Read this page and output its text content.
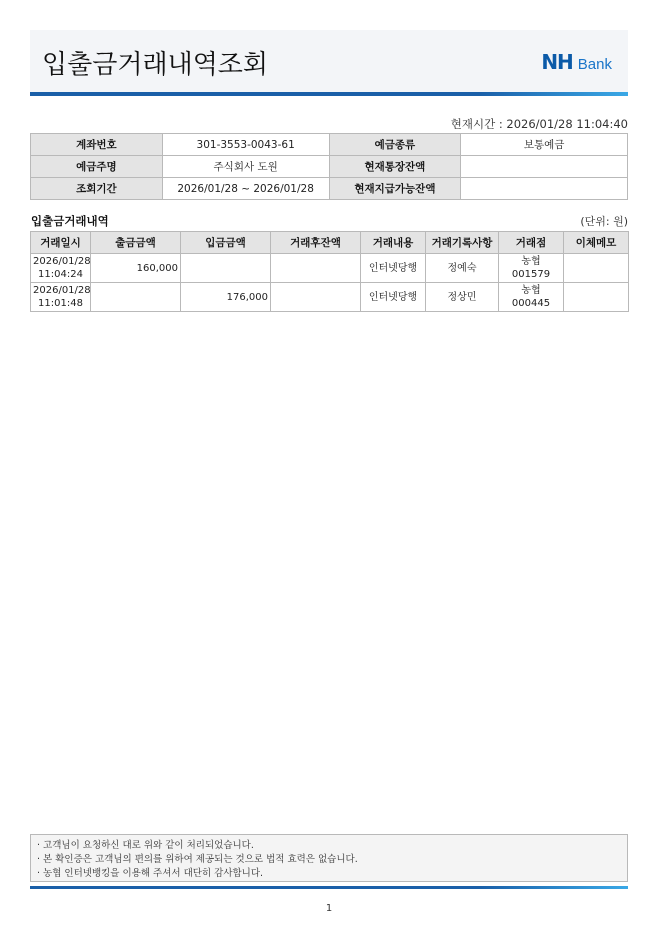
입출금거래내역조회	NH Bank
현재시간 : 2026/01/28 11:04:40
계좌번호	301-3553-0043-61	예금종류	보통예금
예금주명	주식회사 도원	현재통장잔액	
조회기간	2026/01/28 ~ 2026/01/28	현재지급가능잔액	
입출금거래내역	(단위: 원)
거래일시	출금금액	입금금액	거래후잔액	거래내용	거래기록사항	거래점	이체메모

2026/01/28
11:04:24	160,000			인터넷당행	정예숙	농협 001579	

2026/01/28
11:01:48		176,000		인터넷당행	정상민	농협 000445	
· 고객님이 요청하신 대로 위와 같이 처리되었습니다.
· 본 확인증은 고객님의 편의를 위하여 제공되는 것으로 법적 효력은 없습니다.
· 농협 인터넷뱅킹을 이용해 주셔서 대단히 감사합니다.
1
